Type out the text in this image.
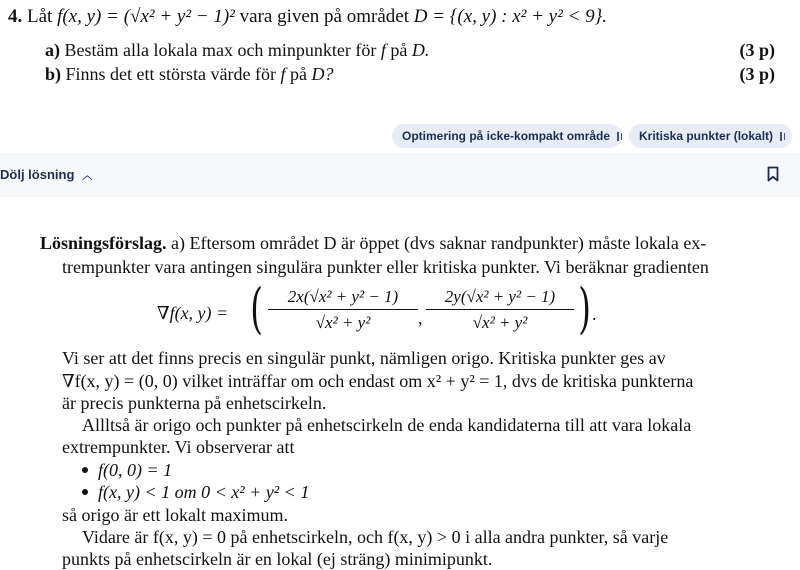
4. Låt f(x, y) = (√x² + y² − 1)² vara given på området D = {(x, y) : x² + y² < 9}.
a) Bestäm alla lokala max och minpunkter för f på D.	(3 p)
b) Finns det ett största värde för f på D?	(3 p)
Optimering på icke-kompakt område Kritiska punkter (lokalt)
Dölj lösning ︿
Lösningsförslag. a) Eftersom området D är öppet (dvs saknar randpunkter) måste lokala ex-
trempunkter vara antingen singulära punkter eller kritiska punkter. Vi beräknar gradienten
∇f(x, y) = ( $\frac{\text{2x(√x² + y² − 1)}}{\text{√x² + y²}}$ , $\frac{\text{2y(√x² + y² − 1)}}{\text{√x² + y²}}$ ) .
Vi ser att det finns precis en singulär punkt, nämligen origo. Kritiska punkter ges av
∇f(x, y) = (0, 0) vilket inträffar om och endast om x² + y² = 1, dvs de kritiska punkterna
är precis punkterna på enhetscirkeln.
Allltså är origo och punkter på enhetscirkeln de enda kandidaterna till att vara lokala
extrempunkter. Vi observerar att
f(0, 0) = 1
f(x, y) < 1 om 0 < x² + y² < 1
så origo är ett lokalt maximum.
Vidare är f(x, y) = 0 på enhetscirkeln, och f(x, y) > 0 i alla andra punkter, så varje
punkts på enhetscirkeln är en lokal (ej sträng) minimipunkt.
